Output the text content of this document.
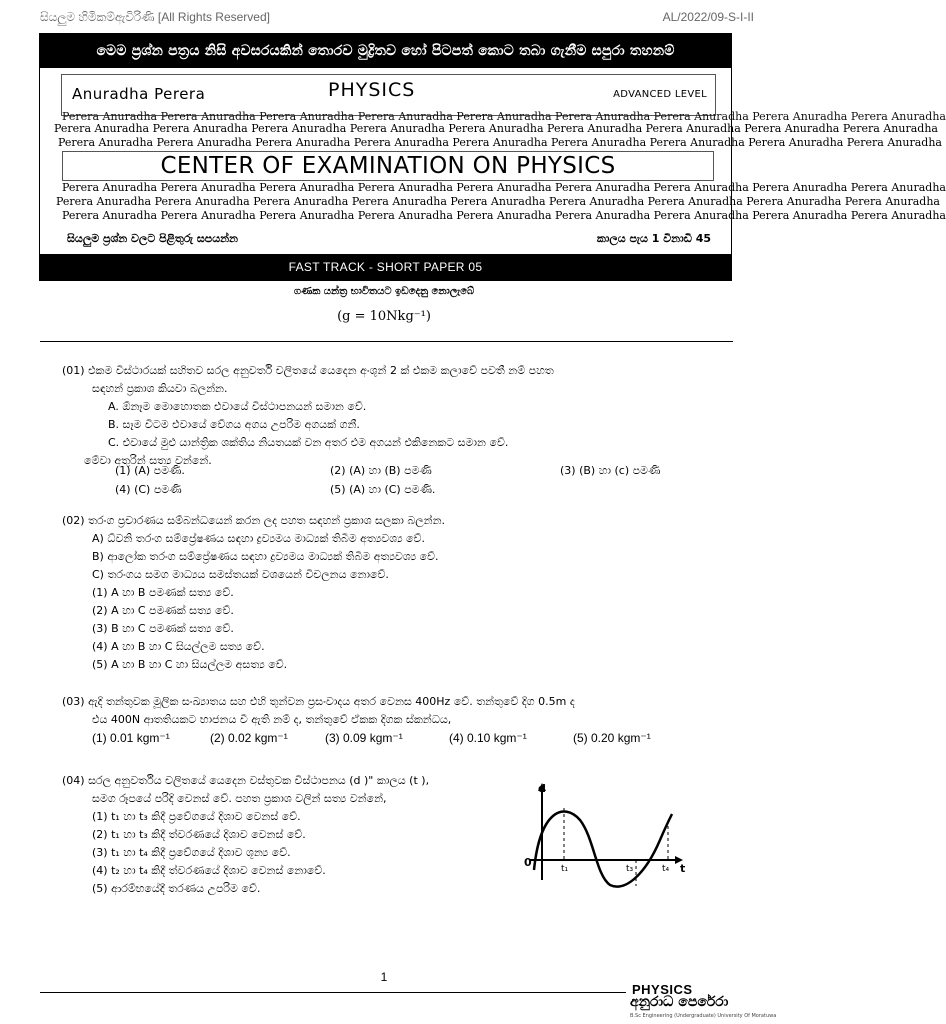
සියලුම හිමිකම්ඇවිරිණි [All Rights Reserved]	AL/2022/09-S-I-II
මෙම ප්‍රශ්න පත්‍රය නිසි අවසරයකින් තොරව මුද්‍රිතව හෝ පිටපත් කොට තබා ගැනීම සපුරා තහනම්
Anuradha Perera	PHYSICS	ADVANCED LEVEL
Perera Anuradha Perera Anuradha Perera Anuradha Perera Anuradha Perera Anuradha Perera Anuradha Perera Anuradha Perera Anuradha Perera Anuradha
Perera Anuradha Perera Anuradha Perera Anuradha Perera Anuradha Perera Anuradha Perera Anuradha Perera Anuradha Perera Anuradha Perera Anuradha
Perera Anuradha Perera Anuradha Perera Anuradha Perera Anuradha Perera Anuradha Perera Anuradha Perera Anuradha Perera Anuradha Perera Anuradha
CENTER OF EXAMINATION ON PHYSICS
Perera Anuradha Perera Anuradha Perera Anuradha Perera Anuradha Perera Anuradha Perera Anuradha Perera Anuradha Perera Anuradha Perera Anuradha
Perera Anuradha Perera Anuradha Perera Anuradha Perera Anuradha Perera Anuradha Perera Anuradha Perera Anuradha Perera Anuradha Perera Anuradha
Perera Anuradha Perera Anuradha Perera Anuradha Perera Anuradha Perera Anuradha Perera Anuradha Perera Anuradha Perera Anuradha Perera Anuradha
සියලුම ප්‍රශ්න වලට පිළිතුරු සපයන්න	කාලය පැය 1 විනාඩි 45
FAST TRACK - SHORT PAPER 05
ගණක යන්ත්‍ර භාවිතයට ඉඩදෙනු නොලැබේ
(g = 10Nkg⁻¹)
(01) එකම විස්ථාරයක් සහිතව සරල අනුවර්ති චලිතයේ යෙදෙන අංශුන් 2 ක් එකම කලාවේ පවතී නම් පහත
සඳහන් ප්‍රකාශ කියවා බලන්න.
A. ඕනෑම මොහොතක එවායේ විස්ථාපනයන් සමාන වේ.
B. සෑම විටම එවායේ වේගය අගය උපරිම අගයක් ගනී.
C. එවායේ මුළු යාන්ත්‍රික ශක්තිය නියතයක් වන අතර එම අගයන් එකිනෙකට සමාන වේ.
මේවා අතුරින් සත්‍ය වන්නේ.
(1) (A) පමණි.	(2) (A) හා (B) පමණි	(3) (B) හා (c) පමණි
(4) (C) පමණි	(5) (A) හා (C) පමණි.
(02) තරංග ප්‍රචාරණය සම්බන්ධයෙන් කරන ලද පහත සඳහන් ප්‍රකාශ සලකා බලන්න.
A) ධ්වනි තරංග සම්ප්‍රේෂණය සඳහා ද්‍රව්‍යමය මාධ්‍යක් තිබීම අත්‍යවශ්‍ය වේ.
B) ආලෝක තරංග සම්ප්‍රේෂණය සඳහා ද්‍රව්‍යමය මාධ්‍යක් තිබීම අත්‍යවශ්‍ය වේ.
C) තරංගය සමග මාධ්‍යය සමස්තයක් වශයෙන් විචලනය නොවේ.
(1) A හා B පමණක් සත්‍ය වේ.
(2) A හා C පමණක් සත්‍ය වේ.
(3) B හා C පමණක් සත්‍ය වේ.
(4) A හා B හා C සියල්ලම සත්‍ය වේ.
(5) A හා B හා C හා සියල්ලම අසත්‍ය වේ.
(03) ඇදි තන්තුවක මූලික සංඛ්‍යාතය සහ එහි තුන්වන ප්‍රසංවාදය අතර වෙනස 400Hz වේ. තන්තුවේ දිග 0.5m ද
එය 400N ආතතියකට භාජනය වී ඇති නම් ද, තන්තුවේ ඒකක දිගක ස්කන්ධය,
(1) 0.01 kgm⁻¹	(2) 0.02 kgm⁻¹	(3) 0.09 kgm⁻¹	(4) 0.10 kgm⁻¹	(5) 0.20 kgm⁻¹
(04) සරල අනුවර්තිය චලිතයේ යෙදෙන වස්තුවක විස්ථාපනය (d )" කාලය (t ),
සමග රූපයේ පරිදි වෙනස් වේ. පහත ප්‍රකාශ වලින් සත්‍ය වන්නේ,
(1) t₁ හා t₃ කිදී ප්‍රවේගයේ දිශාව වෙනස් වේ.
(2) t₁ හා t₃ කිදී ත්වරණයේ දිශාව වෙනස් වේ.
(3) t₁ හා t₄ කිදී ප්‍රවේගයේ දිශාව ශූන්‍ය වේ.
(4) t₂ හා t₄ කිදී ත්වරණයේ දිශාව වෙනස් නොවේ.
(5) ආරම්භයේදී තරණය උපරිම වේ.
d
t
0	t₁	t₃	t₄
1
PHYSICS
අනුරාධ පෙරේරා
B.Sc Engineering (Undergraduate) University Of Moratuwa
